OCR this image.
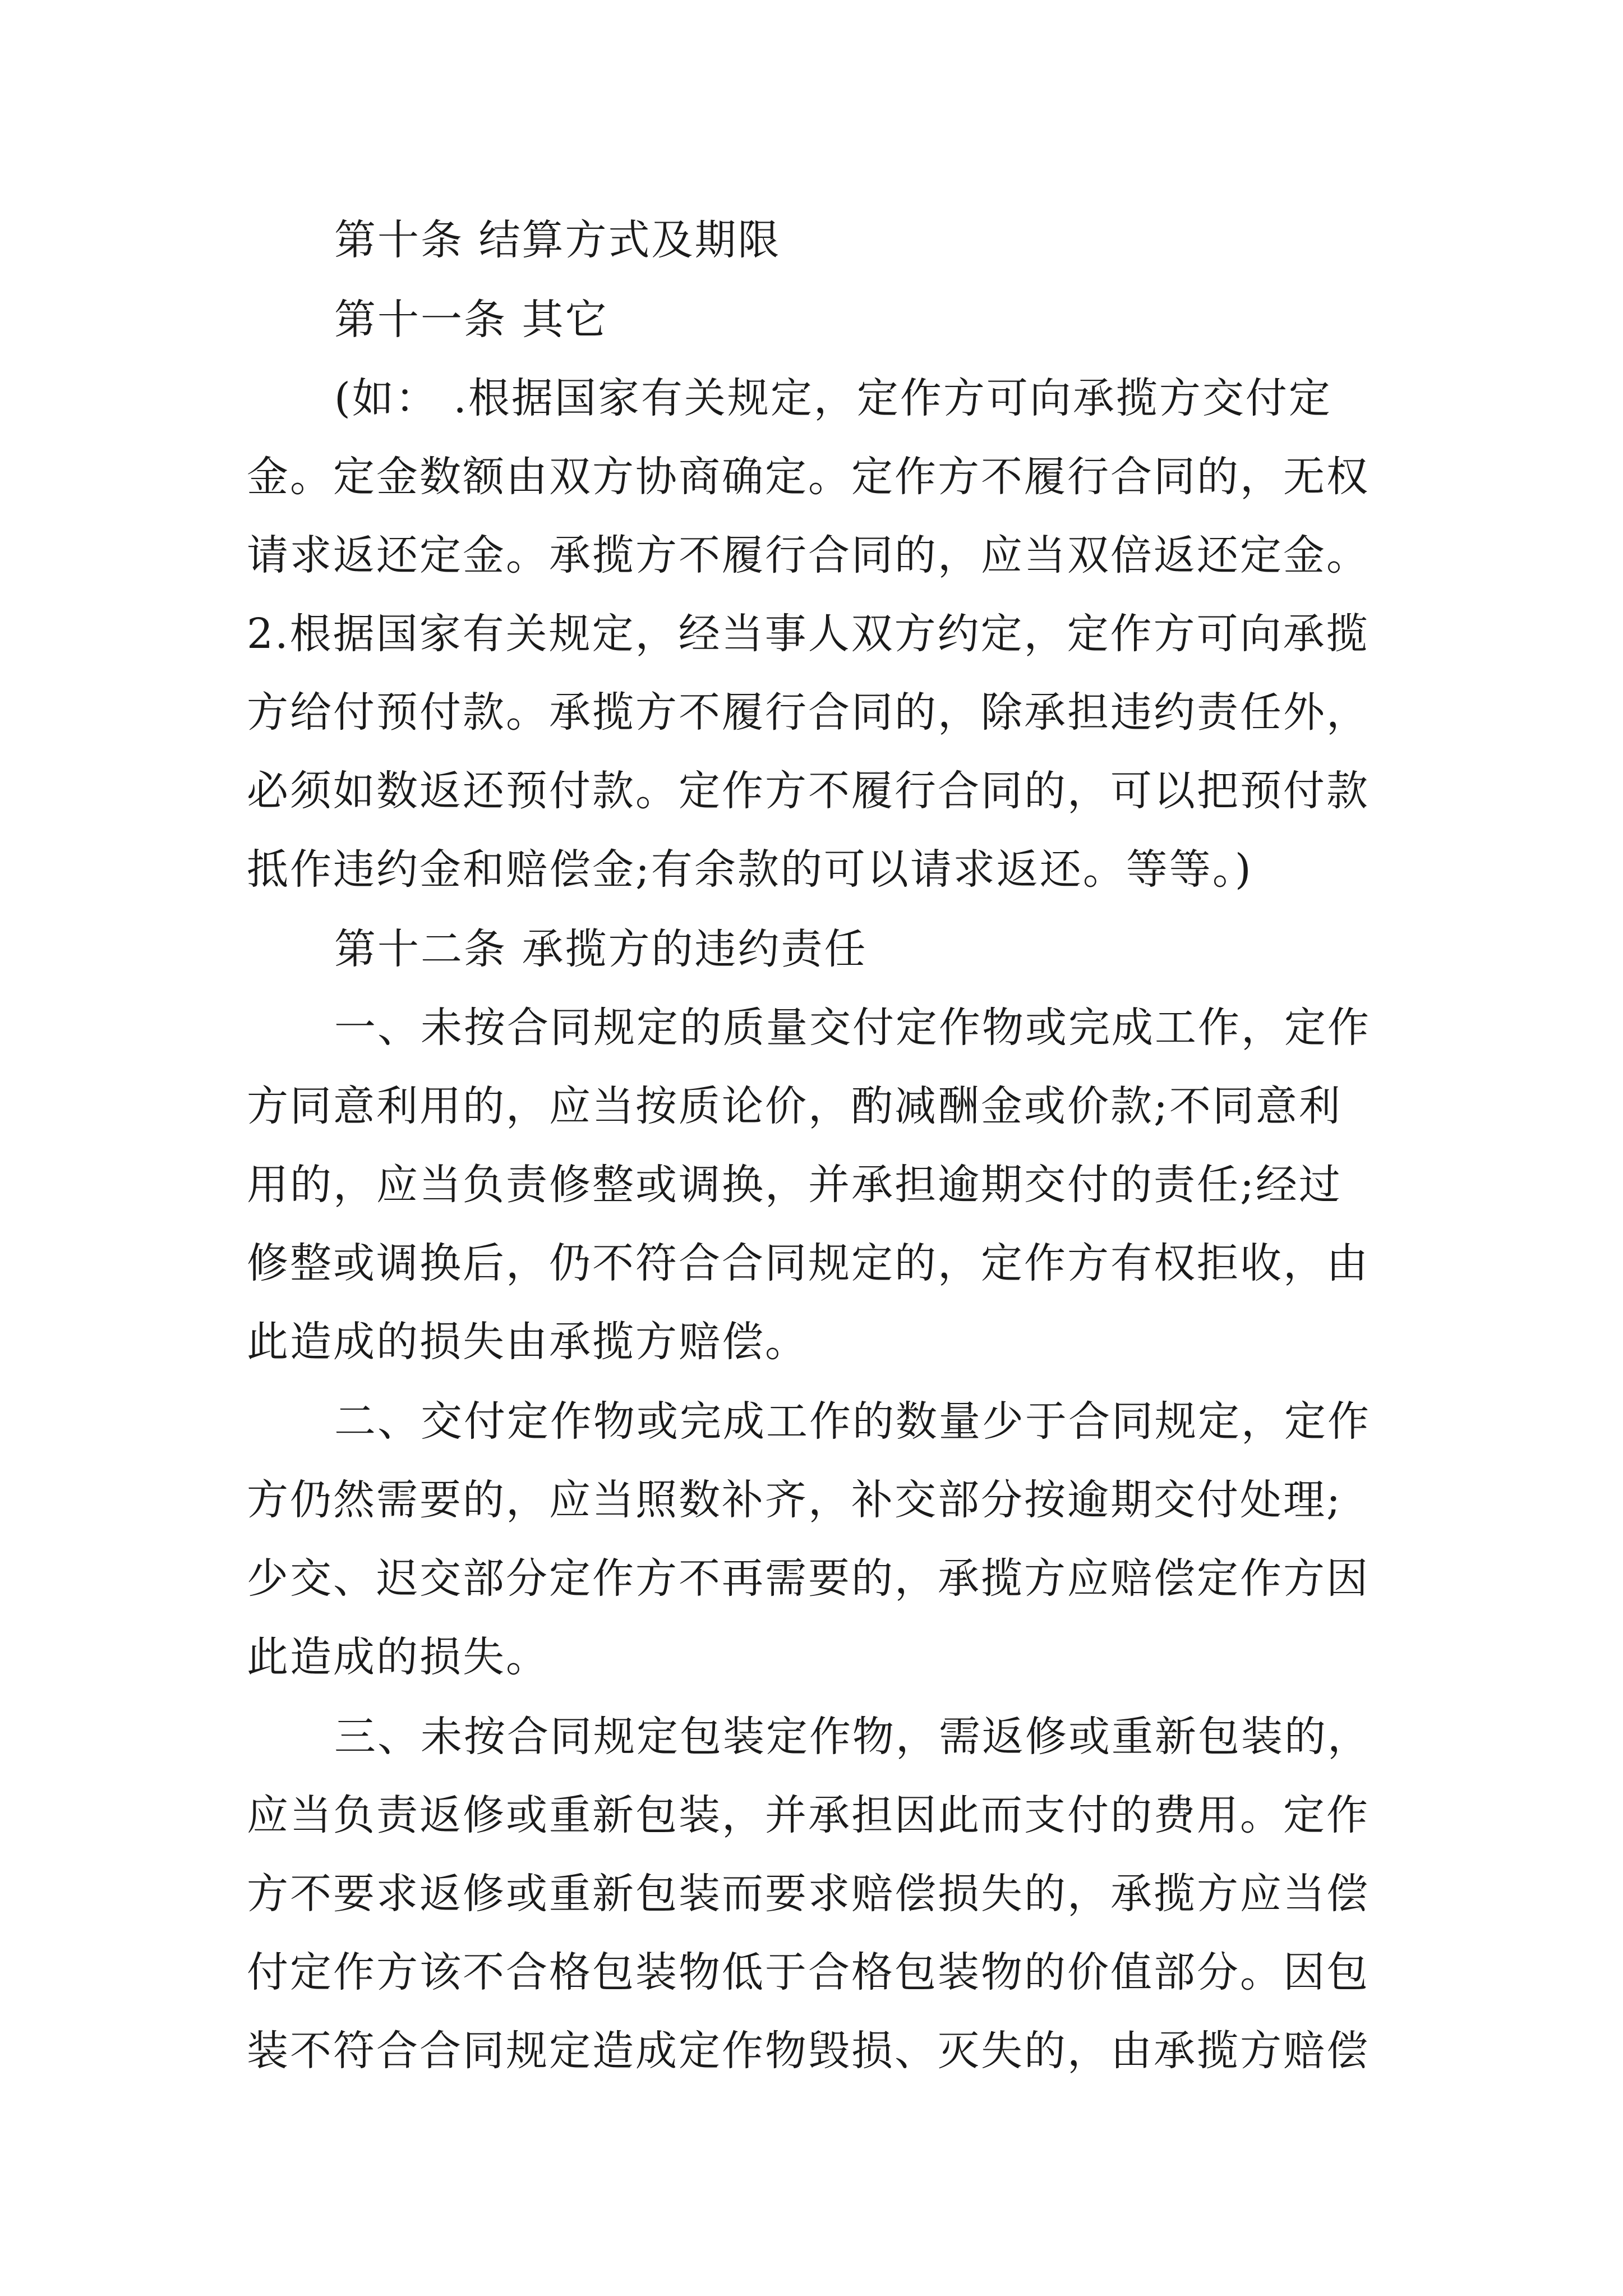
第十条 结算方式及期限
第十一条 其它
(如： .根据国家有关规定，定作方可向承揽方交付定
金。定金数额由双方协商确定。定作方不履行合同的，无权
请求返还定金。承揽方不履行合同的，应当双倍返还定金。
2.根据国家有关规定，经当事人双方约定，定作方可向承揽
方给付预付款。承揽方不履行合同的，除承担违约责任外，
必须如数返还预付款。定作方不履行合同的，可以把预付款
抵作违约金和赔偿金;有余款的可以请求返还。等等。)
第十二条 承揽方的违约责任
一、未按合同规定的质量交付定作物或完成工作，定作
方同意利用的，应当按质论价，酌减酬金或价款;不同意利
用的，应当负责修整或调换，并承担逾期交付的责任;经过
修整或调换后，仍不符合合同规定的，定作方有权拒收，由
此造成的损失由承揽方赔偿。
二、交付定作物或完成工作的数量少于合同规定，定作
方仍然需要的，应当照数补齐，补交部分按逾期交付处理;
少交、迟交部分定作方不再需要的，承揽方应赔偿定作方因
此造成的损失。
三、未按合同规定包装定作物，需返修或重新包装的，
应当负责返修或重新包装，并承担因此而支付的费用。定作
方不要求返修或重新包装而要求赔偿损失的，承揽方应当偿
付定作方该不合格包装物低于合格包装物的价值部分。因包
装不符合合同规定造成定作物毁损、灭失的，由承揽方赔偿
